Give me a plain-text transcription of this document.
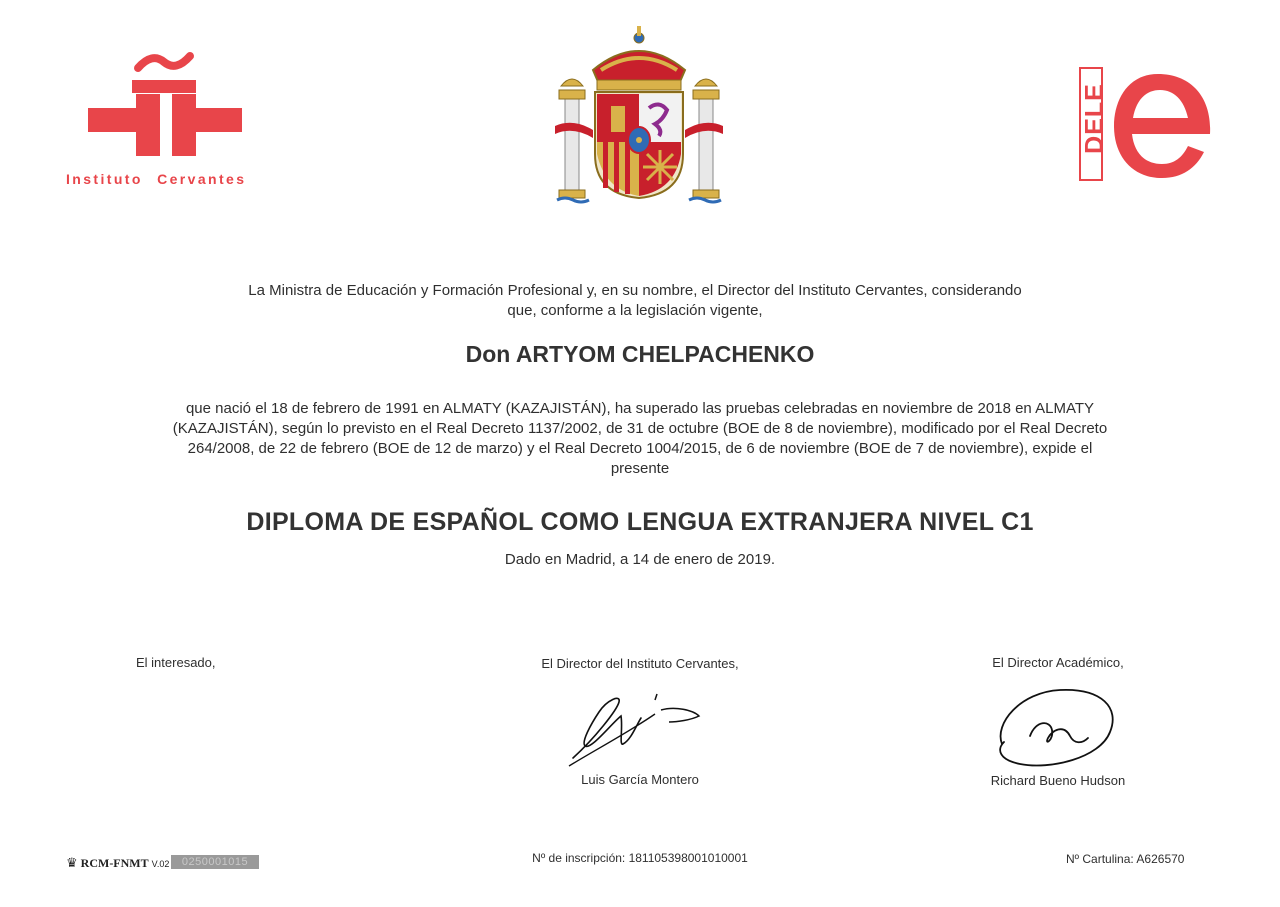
Instituto Cervantes
DELE
La Ministra de Educación y Formación Profesional y, en su nombre, el Director del Instituto Cervantes, considerando que, conforme a la legislación vigente,
Don ARTYOM CHELPACHENKO
que nació el 18 de febrero de 1991 en ALMATY (KAZAJISTÁN), ha superado las pruebas celebradas en noviembre de 2018 en ALMATY (KAZAJISTÁN), según lo previsto en el Real Decreto 1137/2002, de 31 de octubre (BOE de 8 de noviembre), modificado por el Real Decreto 264/2008, de 22 de febrero (BOE de 12 de marzo) y el Real Decreto 1004/2015, de 6 de noviembre (BOE de 7 de noviembre), expide el presente
DIPLOMA DE ESPAÑOL COMO LENGUA EXTRANJERA NIVEL C1
Dado en Madrid, a 14 de enero de 2019.
El interesado,	El Director del Instituto Cervantes,	El Director Académico,
Luis García Montero	Richard Bueno Hudson
♛ RCM-FNMT V.02	0250001015	Nº de inscripción: 181105398001010001	Nº Cartulina: A626570
